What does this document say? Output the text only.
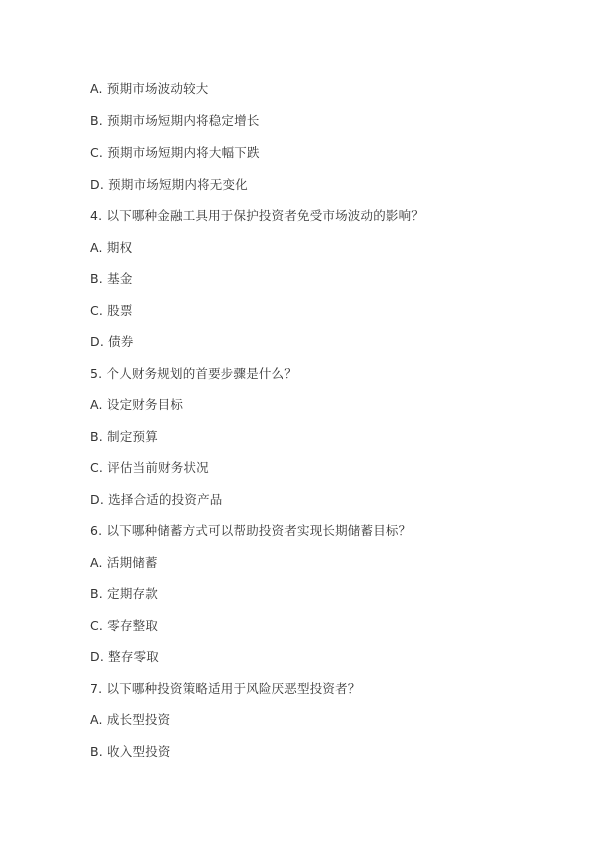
A. 预期市场波动较大
B. 预期市场短期内将稳定增长
C. 预期市场短期内将大幅下跌
D. 预期市场短期内将无变化
4. 以下哪种金融工具用于保护投资者免受市场波动的影响？
A. 期权
B. 基金
C. 股票
D. 债券
5. 个人财务规划的首要步骤是什么？
A. 设定财务目标
B. 制定预算
C. 评估当前财务状况
D. 选择合适的投资产品
6. 以下哪种储蓄方式可以帮助投资者实现长期储蓄目标？
A. 活期储蓄
B. 定期存款
C. 零存整取
D. 整存零取
7. 以下哪种投资策略适用于风险厌恶型投资者？
A. 成长型投资
B. 收入型投资
